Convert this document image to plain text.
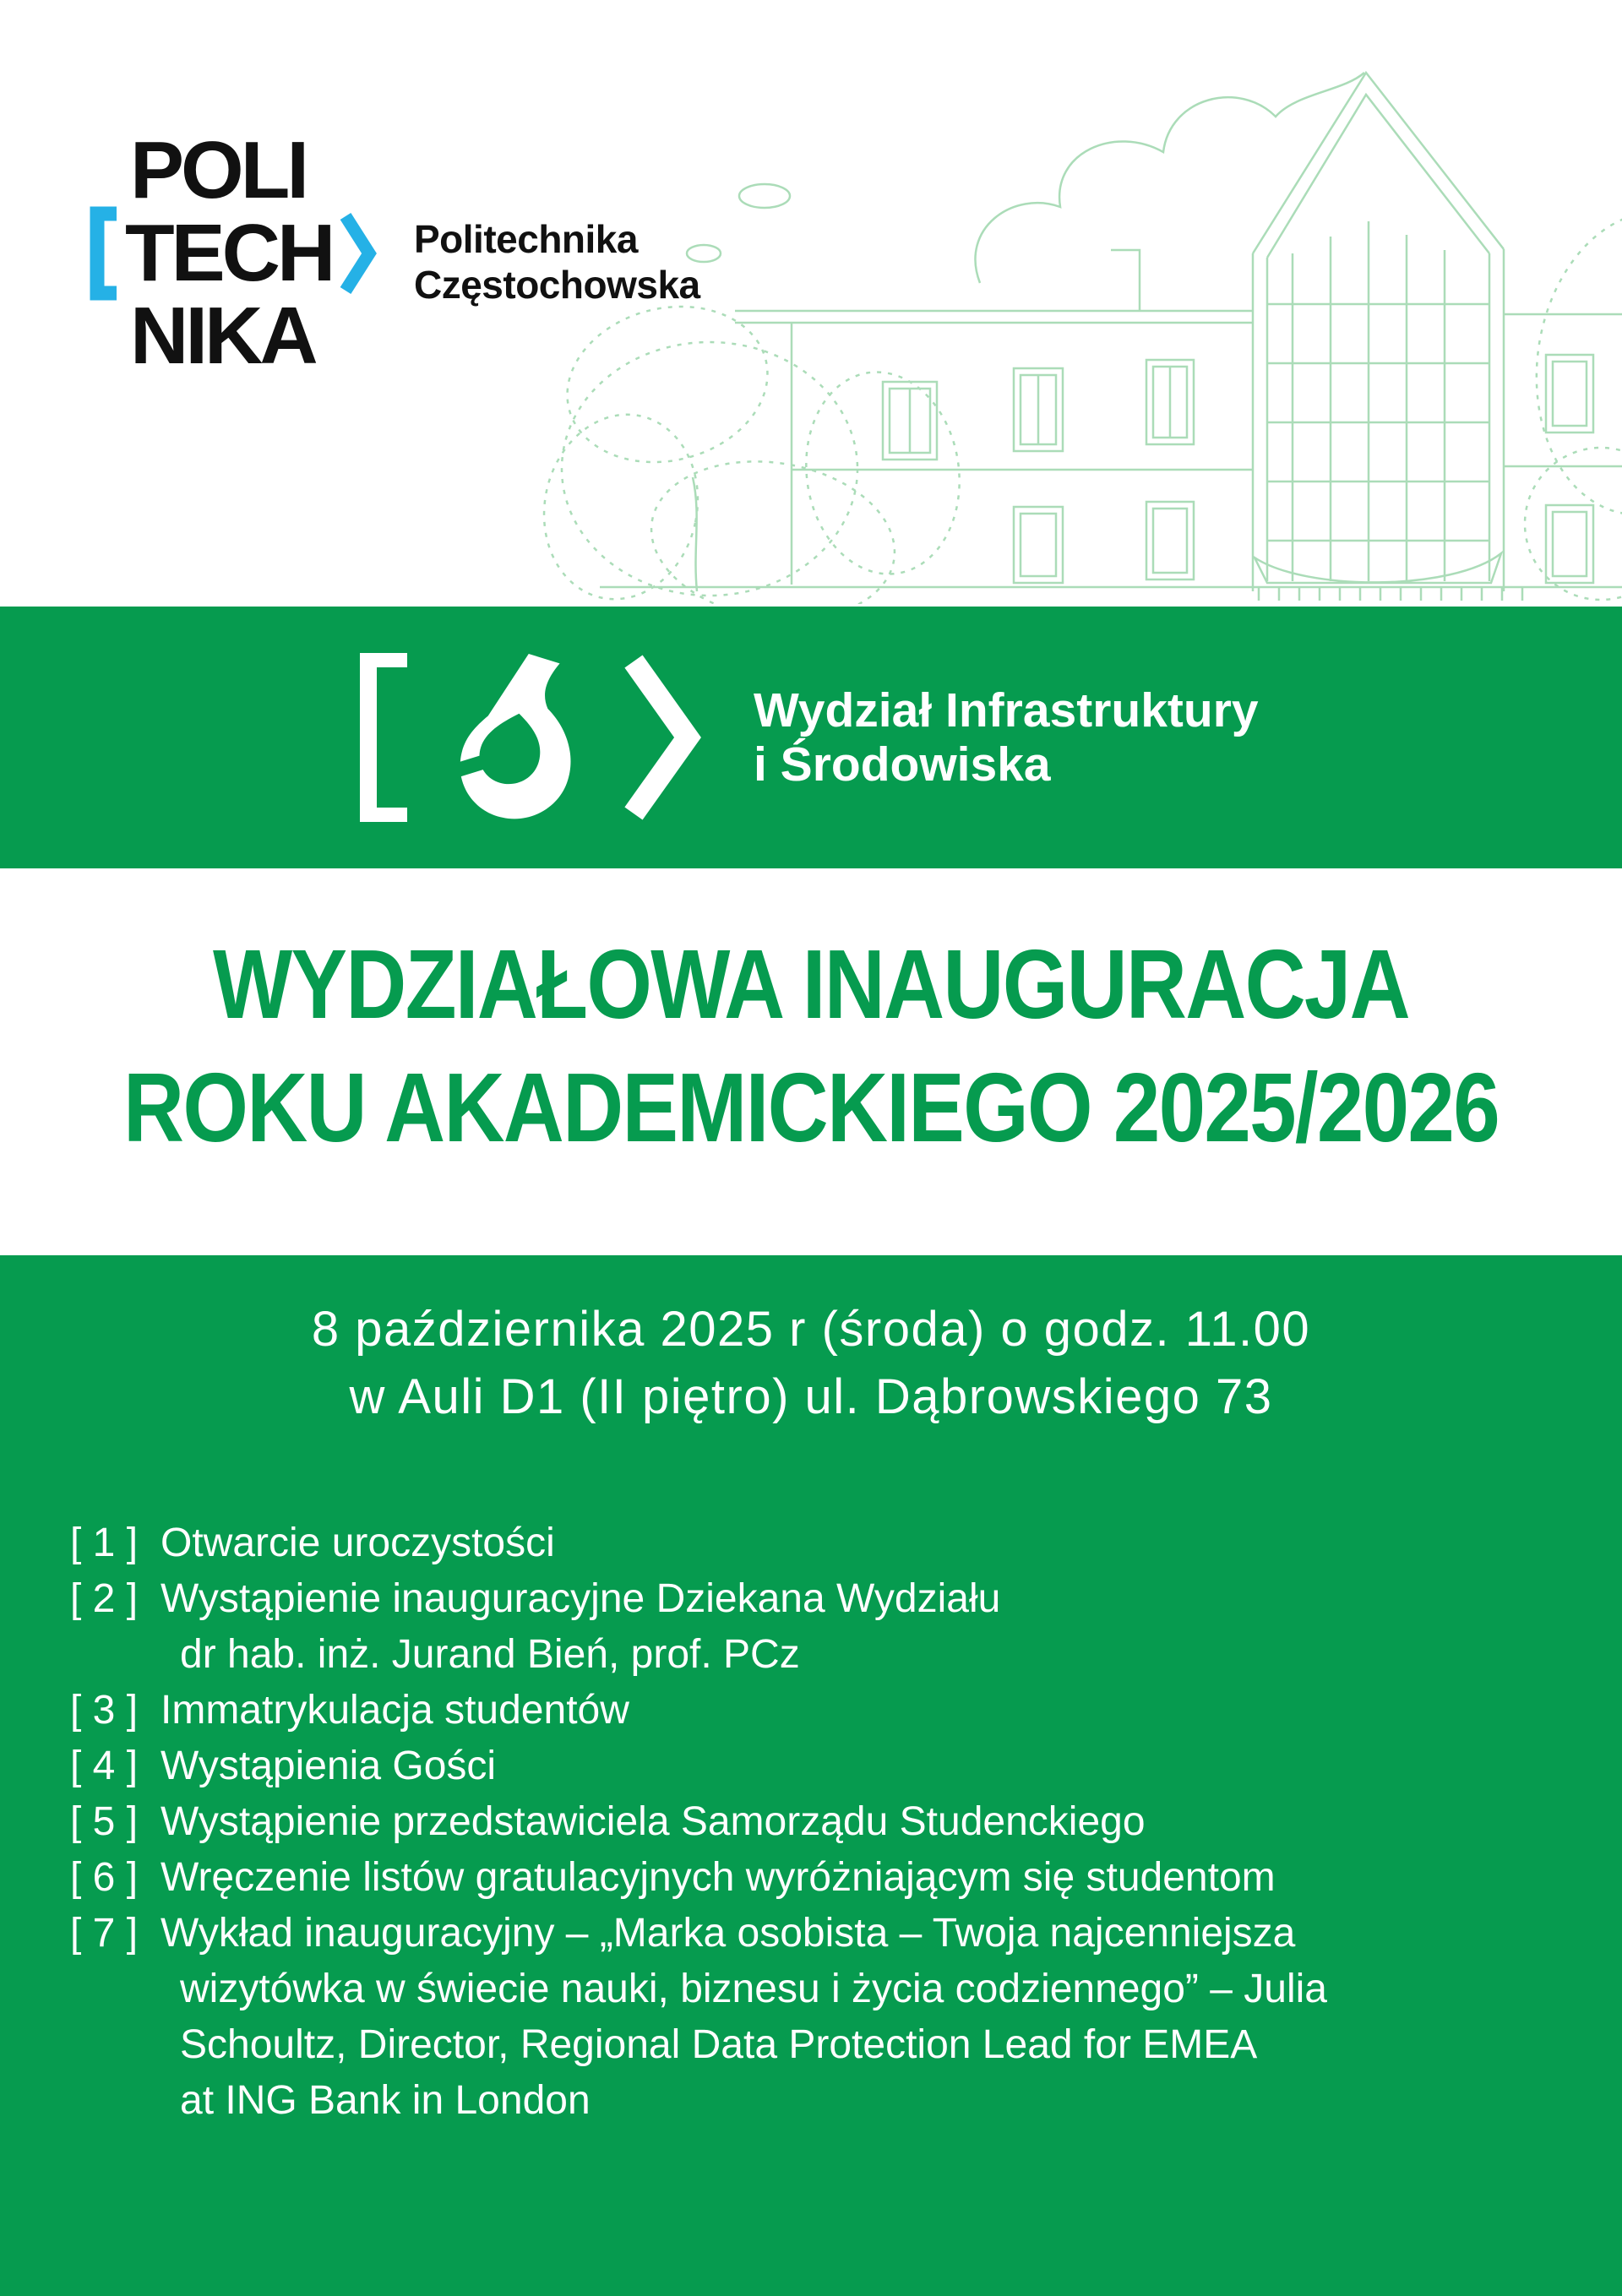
POLI
TECH
NIKA
Politechnika
Częstochowska
Wydział Infrastruktury
i Środowiska
WYDZIAŁOWA INAUGURACJA
ROKU AKADEMICKIEGO 2025/2026
8 października 2025 r (środa) o godz. 11.00
w Auli D1 (II piętro) ul. Dąbrowskiego 73
[ 1 ] Otwarcie uroczystości
[ 2 ] Wystąpienie inauguracyjne Dziekana Wydziału
dr hab. inż. Jurand Bień, prof. PCz
[ 3 ] Immatrykulacja studentów
[ 4 ] Wystąpienia Gości
[ 5 ] Wystąpienie przedstawiciela Samorządu Studenckiego
[ 6 ] Wręczenie listów gratulacyjnych wyróżniającym się studentom
[ 7 ] Wykład inauguracyjny – „Marka osobista – Twoja najcenniejsza
wizytówka w świecie nauki, biznesu i życia codziennego” – Julia
Schoultz, Director, Regional Data Protection Lead for EMEA
at ING Bank in London
